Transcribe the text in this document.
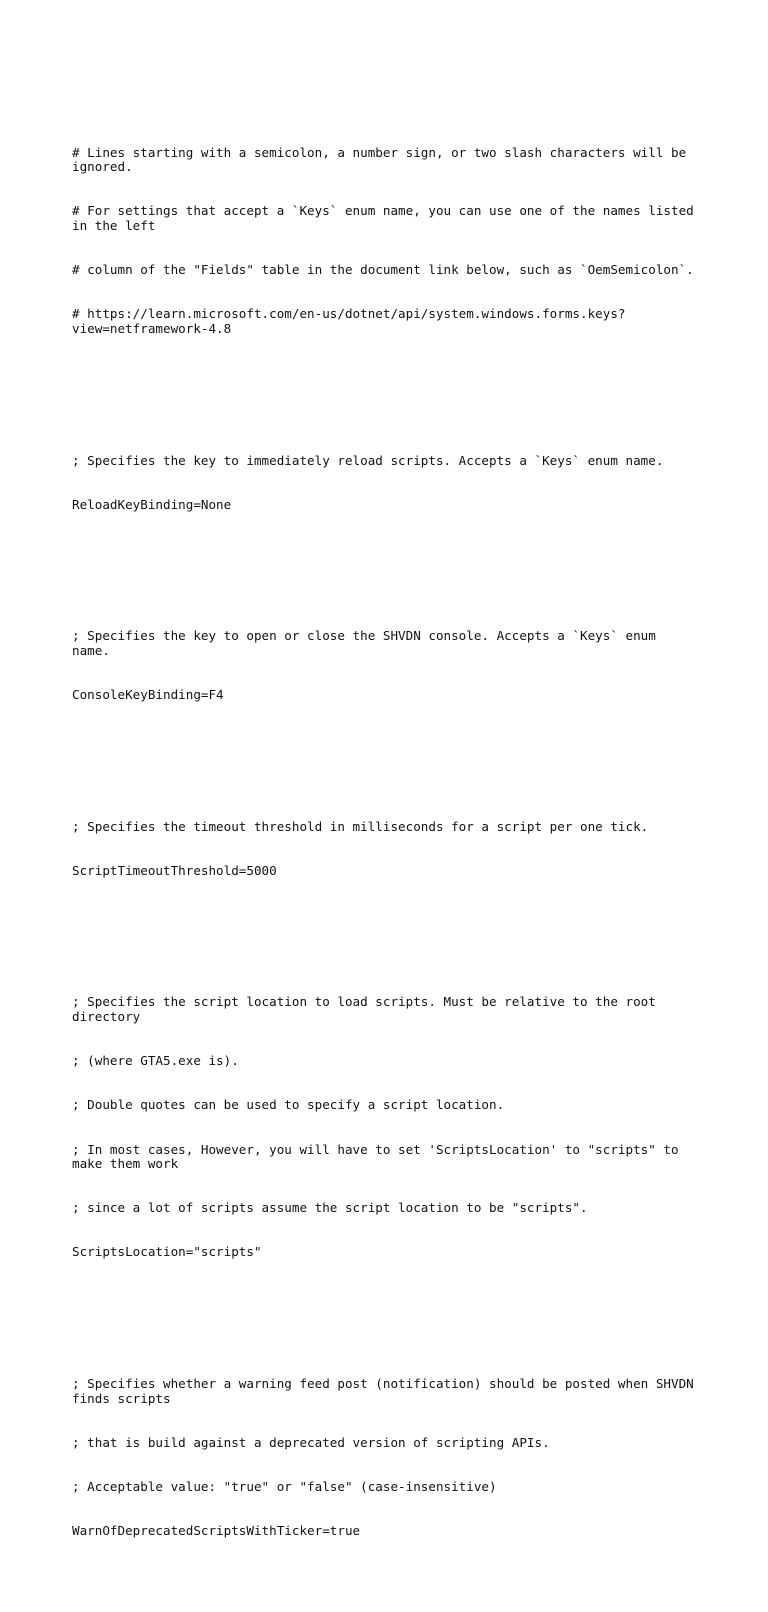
# Lines starting with a semicolon, a number sign, or two slash characters will be ignored.

# For settings that accept a `Keys` enum name, you can use one of the names listed in the left

# column of the "Fields" table in the document link below, such as `OemSemicolon`.

# https://learn.microsoft.com/en-us/dotnet/api/system.windows.forms.keys?view=netframework-4.8

; Specifies the key to immediately reload scripts. Accepts a `Keys` enum name.

ReloadKeyBinding=None

; Specifies the key to open or close the SHVDN console. Accepts a `Keys` enum name.

ConsoleKeyBinding=F4

; Specifies the timeout threshold in milliseconds for a script per one tick.

ScriptTimeoutThreshold=5000

; Specifies the script location to load scripts. Must be relative to the root directory

; (where GTA5.exe is).

; Double quotes can be used to specify a script location.

; In most cases, However, you will have to set 'ScriptsLocation' to "scripts" to make them work

; since a lot of scripts assume the script location to be "scripts".

ScriptsLocation="scripts"

; Specifies whether a warning feed post (notification) should be posted when SHVDN finds scripts

; that is build against a deprecated version of scripting APIs.

; Acceptable value: "true" or "false" (case-insensitive)

WarnOfDeprecatedScriptsWithTicker=true
